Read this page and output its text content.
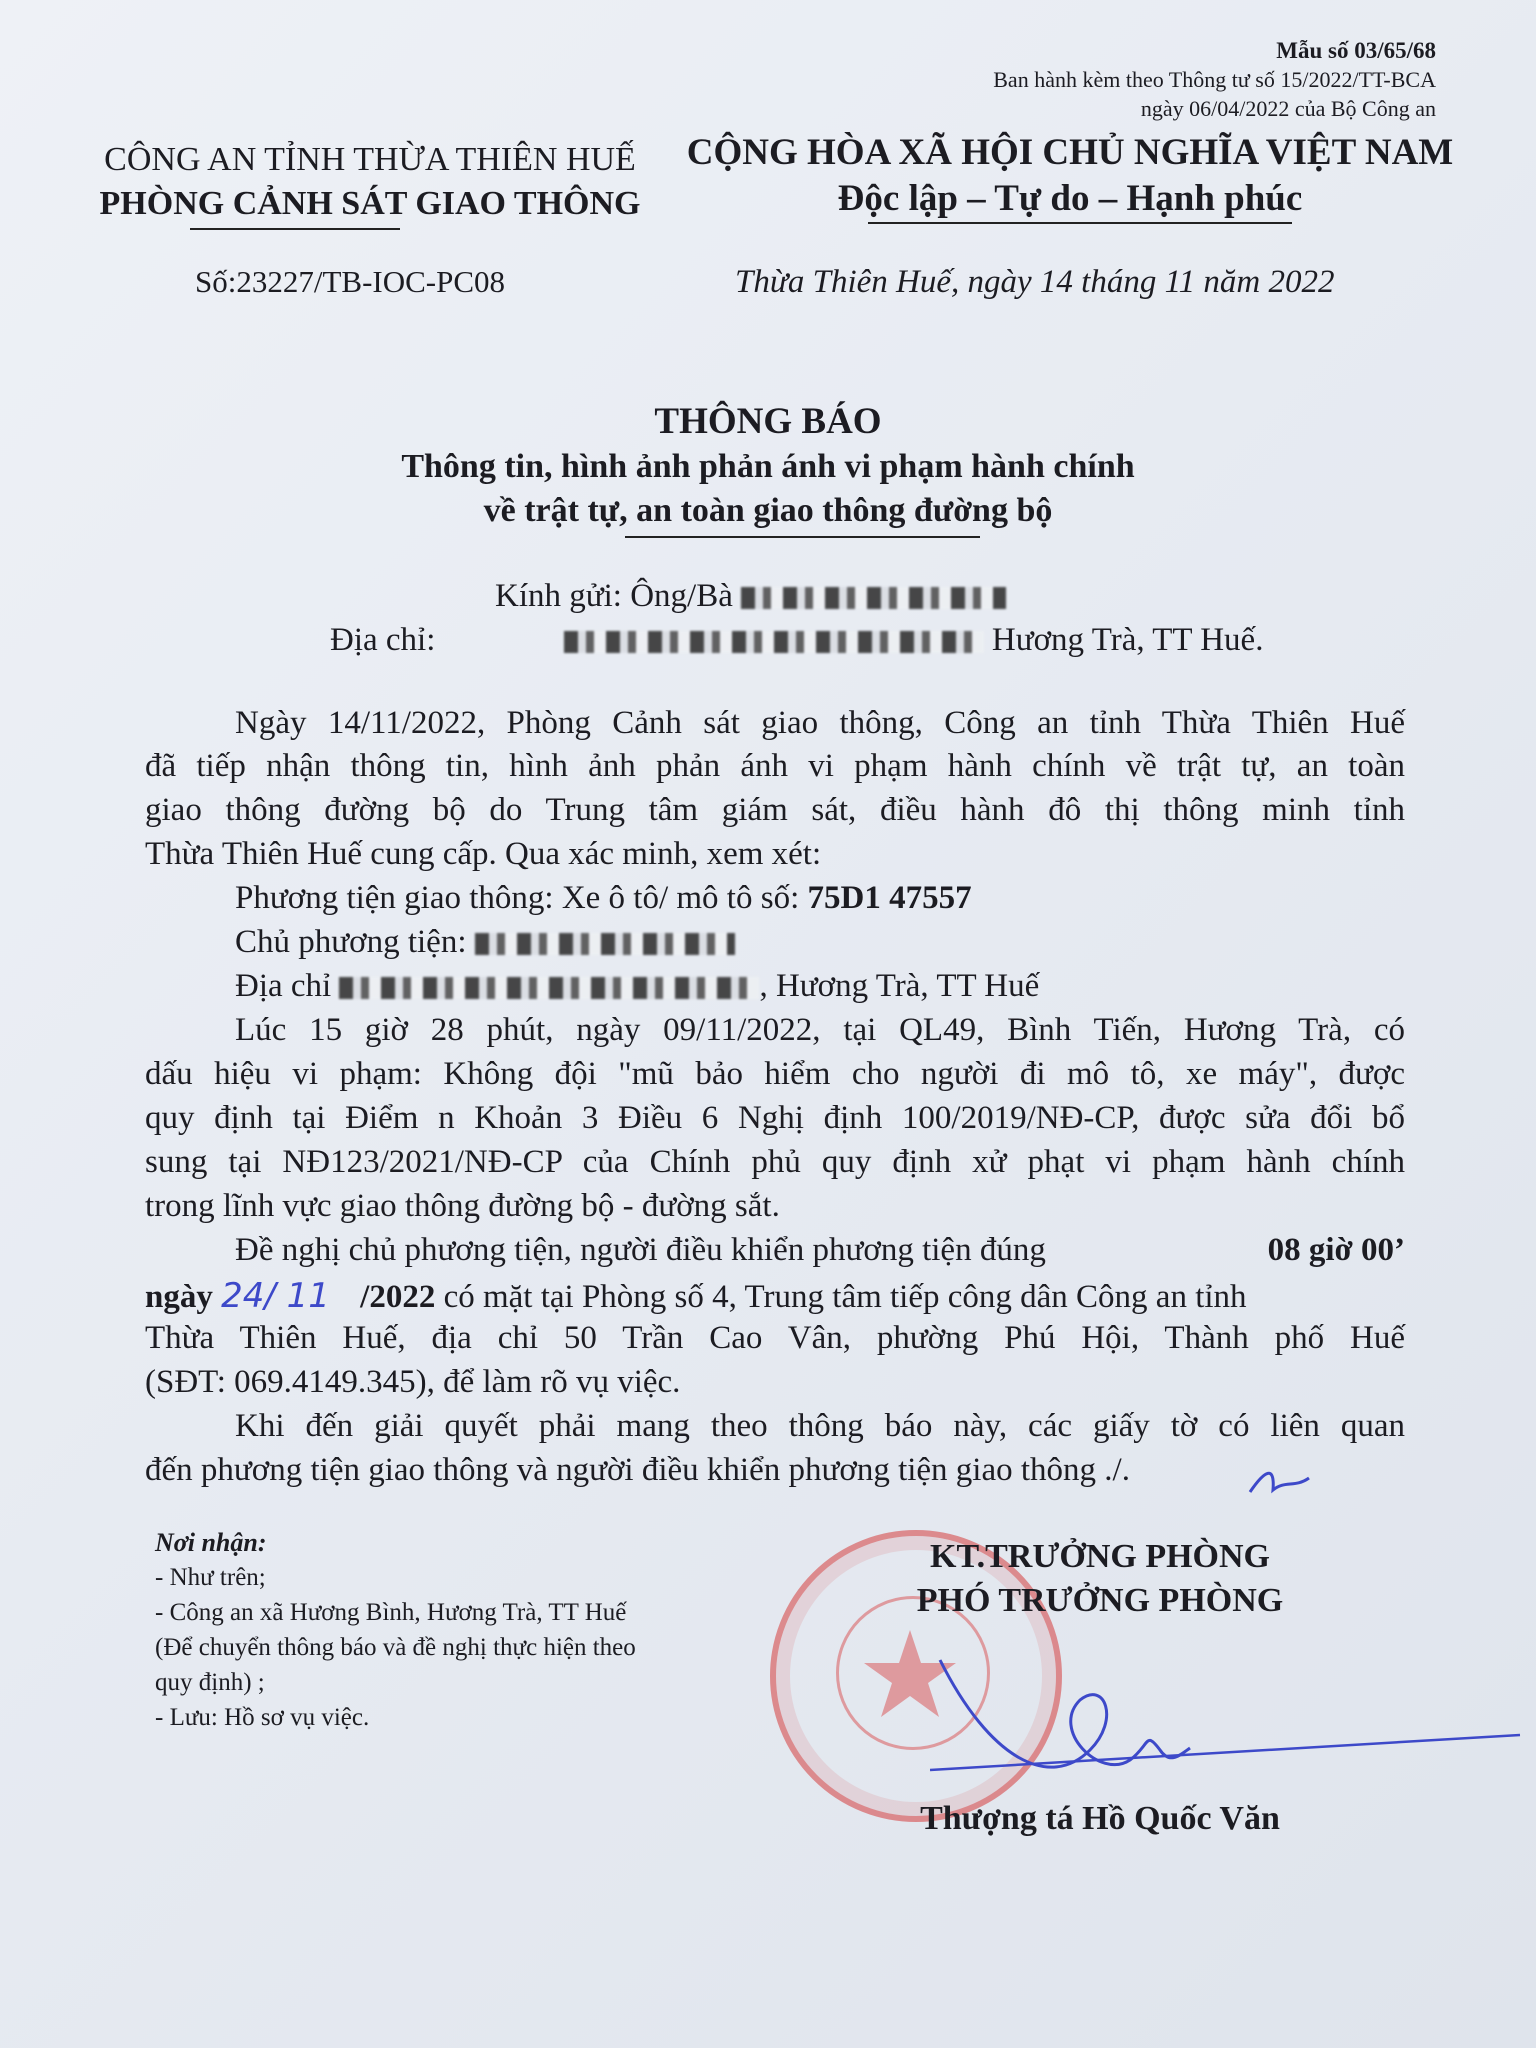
Mẫu số 03/65/68
Ban hành kèm theo Thông tư số 15/2022/TT-BCA
ngày 06/04/2022 của Bộ Công an
CÔNG AN TỈNH THỪA THIÊN HUẾ
PHÒNG CẢNH SÁT GIAO THÔNG
CỘNG HÒA XÃ HỘI CHỦ NGHĨA VIỆT NAM
Độc lập – Tự do – Hạnh phúc
Số:23227/TB-IOC-PC08	Thừa Thiên Huế, ngày 14 tháng 11 năm 2022
THÔNG BÁO
Thông tin, hình ảnh phản ánh vi phạm hành chính
về trật tự, an toàn giao thông đường bộ
Kính gửi: Ông/Bà
Địa chỉ:	Hương Trà, TT Huế.
Ngày 14/11/2022, Phòng Cảnh sát giao thông, Công an tỉnh Thừa Thiên Huế
đã tiếp nhận thông tin, hình ảnh phản ánh vi phạm hành chính về trật tự, an toàn
giao thông đường bộ do Trung tâm giám sát, điều hành đô thị thông minh tỉnh
Thừa Thiên Huế cung cấp. Qua xác minh, xem xét:
Phương tiện giao thông: Xe ô tô/ mô tô số: 75D1 47557
Chủ phương tiện:
Địa chỉ	, Hương Trà, TT Huế
Lúc 15 giờ 28 phút, ngày 09/11/2022, tại QL49, Bình Tiến, Hương Trà, có
dấu hiệu vi phạm: Không đội "mũ bảo hiểm cho người đi mô tô, xe máy", được
quy định tại Điểm n Khoản 3 Điều 6 Nghị định 100/2019/NĐ-CP, được sửa đổi bổ
sung tại NĐ123/2021/NĐ-CP của Chính phủ quy định xử phạt vi phạm hành chính
trong lĩnh vực giao thông đường bộ - đường sắt.
Đề nghị chủ phương tiện, người điều khiển phương tiện đúng	08 giờ 00’
ngày 24/ 11 /2022 có mặt tại Phòng số 4, Trung tâm tiếp công dân Công an tỉnh
Thừa Thiên Huế, địa chỉ 50 Trần Cao Vân, phường Phú Hội, Thành phố Huế
(SĐT: 069.4149.345), để làm rõ vụ việc.
Khi đến giải quyết phải mang theo thông báo này, các giấy tờ có liên quan
đến phương tiện giao thông và người điều khiển phương tiện giao thông ./.
Nơi nhận:
- Như trên;
- Công an xã Hương Bình, Hương Trà, TT Huế
(Để chuyển thông báo và đề nghị thực hiện theo
quy định) ;
- Lưu: Hồ sơ vụ việc.
KT.TRƯỞNG PHÒNG
PHÓ TRƯỞNG PHÒNG
Thượng tá Hồ Quốc Văn
